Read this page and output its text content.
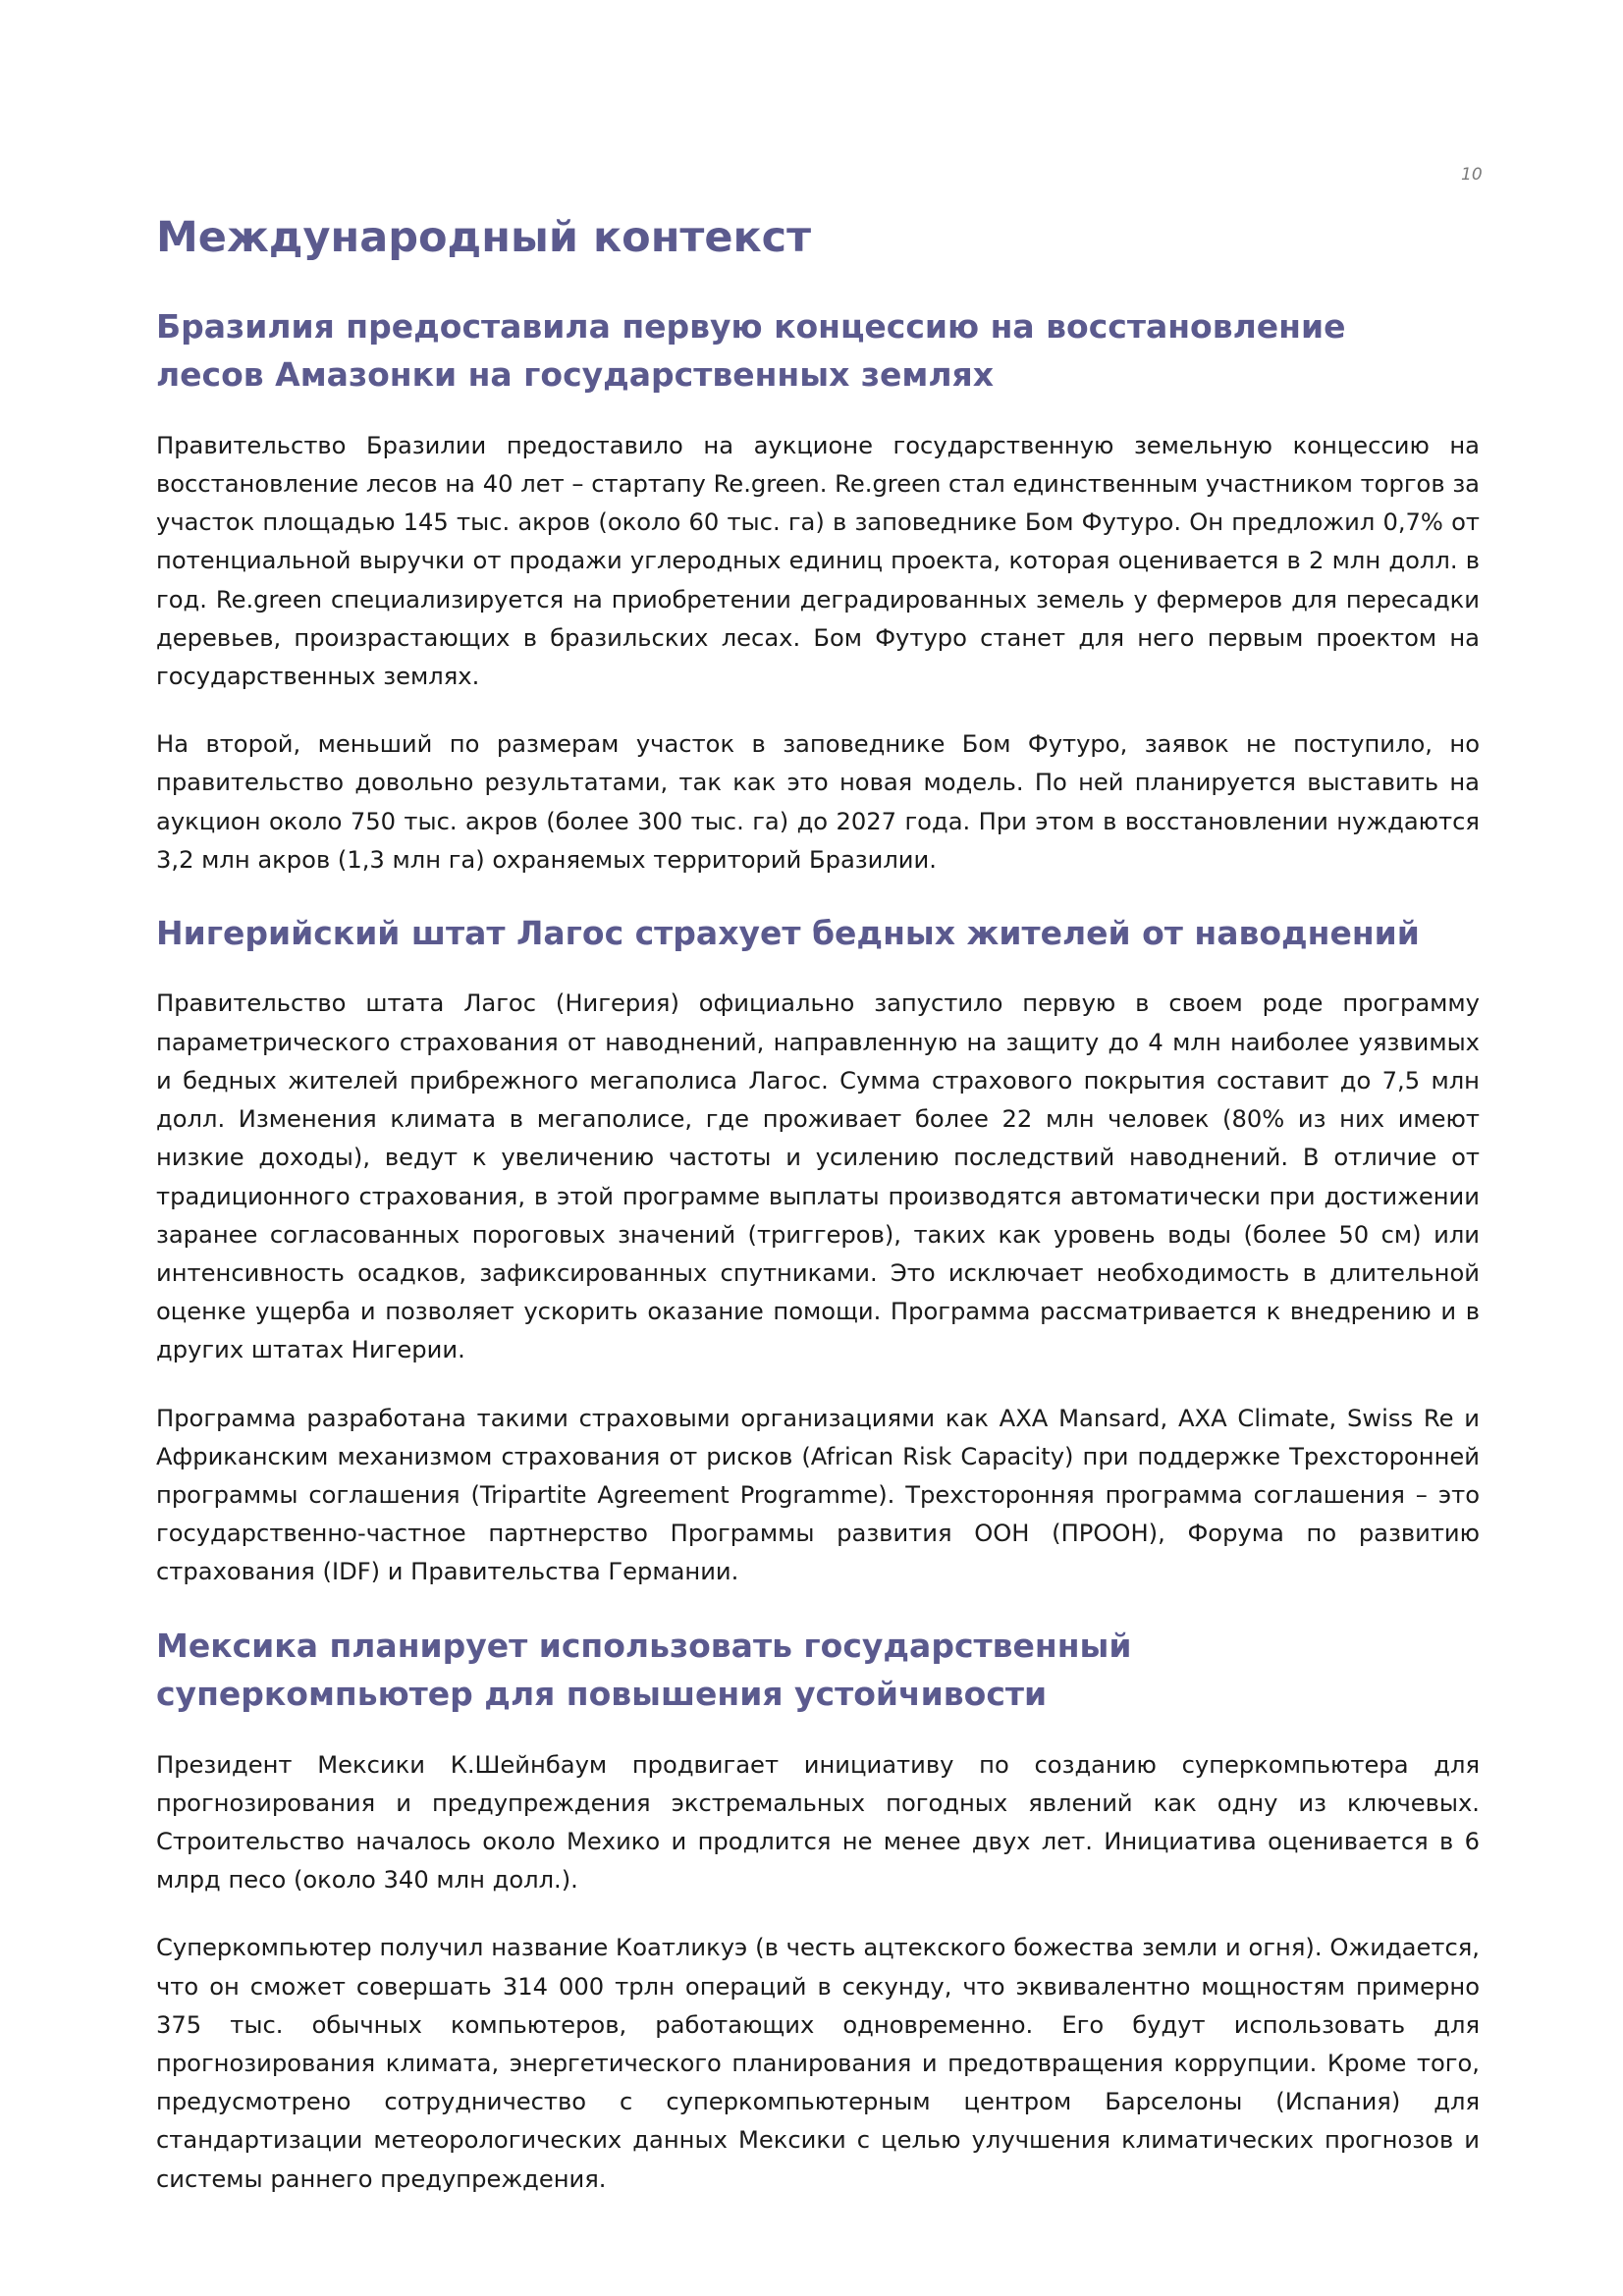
10
Международный контекст
Бразилия предоставила первую концессию на восстановление лесов Амазонки на государственных землях

Правительство Бразилии предоставило на аукционе государственную земельную концессию на восстановление лесов на 40 лет – стартапу Re.green. Re.green стал единственным участником торгов за участок площадью 145 тыс. акров (около 60 тыс. га) в заповеднике Бом Футуро. Он предложил 0,7% от потенциальной выручки от продажи углеродных единиц проекта, которая оценивается в 2 млн долл. в год. Re.green специализируется на приобретении деградированных земель у фермеров для пересадки деревьев, произрастающих в бразильских лесах. Бом Футуро станет для него первым проектом на государственных землях.

На второй, меньший по размерам участок в заповеднике Бом Футуро, заявок не поступило, но правительство довольно результатами, так как это новая модель. По ней планируется выставить на аукцион около 750 тыс. акров (более 300 тыс. га) до 2027 года. При этом в восстановлении нуждаются 3,2 млн акров (1,3 млн га) охраняемых территорий Бразилии.

Нигерийский штат Лагос страхует бедных жителей от наводнений

Правительство штата Лагос (Нигерия) официально запустило первую в своем роде программу параметрического страхования от наводнений, направленную на защиту до 4 млн наиболее уязвимых и бедных жителей прибрежного мегаполиса Лагос. Сумма страхового покрытия составит до 7,5 млн долл. Изменения климата в мегаполисе, где проживает более 22 млн человек (80% из них имеют низкие доходы), ведут к увеличению частоты и усилению последствий наводнений. В отличие от традиционного страхования, в этой программе выплаты производятся автоматически при достижении заранее согласованных пороговых значений (триггеров), таких как уровень воды (более 50 см) или интенсивность осадков, зафиксированных спутниками. Это исключает необходимость в длительной оценке ущерба и позволяет ускорить оказание помощи. Программа рассматривается к внедрению и в других штатах Нигерии.

Программа разработана такими страховыми организациями как AXA Mansard, AXA Climate, Swiss Re и Африканским механизмом страхования от рисков (African Risk Capacity) при поддержке Трехсторонней программы соглашения (Tripartite Agreement Programme). Трехсторонняя программа соглашения – это государственно-частное партнерство Программы развития ООН (ПРООН), Форума по развитию страхования (IDF) и Правительства Германии.

Мексика планирует использовать государственный суперкомпьютер для повышения устойчивости

Президент Мексики К.Шейнбаум продвигает инициативу по созданию суперкомпьютера для прогнозирования и предупреждения экстремальных погодных явлений как одну из ключевых. Строительство началось около Мехико и продлится не менее двух лет. Инициатива оценивается в 6 млрд песо (около 340 млн долл.).

Суперкомпьютер получил название Коатликуэ (в честь ацтекского божества земли и огня). Ожидается, что он сможет совершать 314 000 трлн операций в секунду, что эквивалентно мощностям примерно 375 тыс. обычных компьютеров, работающих одновременно. Его будут использовать для прогнозирования климата, энергетического планирования и предотвращения коррупции. Кроме того, предусмотрено сотрудничество с суперкомпьютерным центром Барселоны (Испания) для стандартизации метеорологических данных Мексики с целью улучшения климатических прогнозов и системы раннего предупреждения.
